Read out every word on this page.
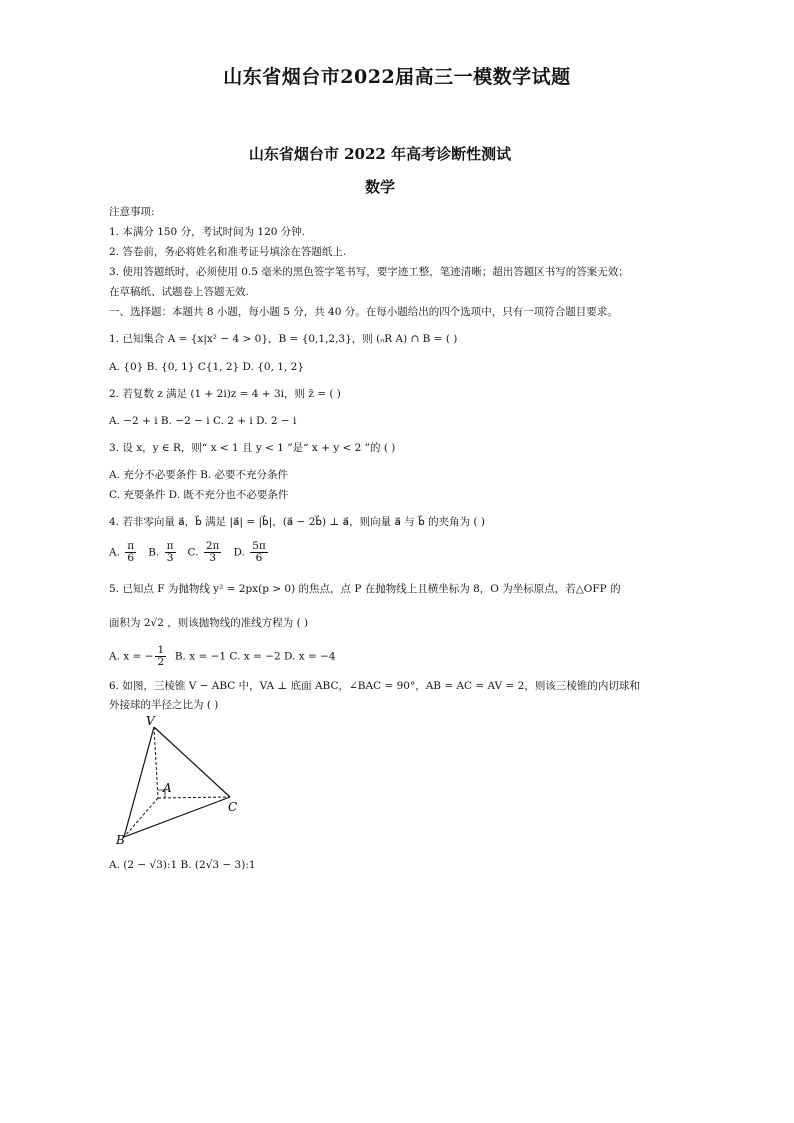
山东省烟台市2022届高三一模数学试题
山东省烟台市 2022 年高考诊断性测试
数学
注意事项:
1. 本满分 150 分，考试时间为 120 分钟.
2. 答卷前，务必将姓名和准考证号填涂在答题纸上.
3. 使用答题纸时，必须使用 0.5 毫米的黑色签字笔书写，要字迹工整，笔迹清晰；超出答题区书写的答案无效；
在草稿纸、试题卷上答题无效.
一、选择题：本题共 8 小题，每小题 5 分，共 40 分。在每小题给出的四个选项中，只有一项符合题目要求。
1. 已知集合 A = {x|x² − 4 > 0}，B = {0,1,2,3}，则 (ₒR A) ∩ B = ( )
A. {0} B. {0, 1} C{1, 2} D. {0, 1, 2}
2. 若复数 z 满足 (1 + 2i)z = 4 + 3i，则 z̄ = ( )
A. −2 + i B. −2 − i C. 2 + i D. 2 − i
3. 设 x，y ∈ R，则“ x < 1 且 y < 1 ”是“ x + y < 2 ”的 ( )
A. 充分不必要条件 B. 必要不充分条件
C. 充要条件 D. 既不充分也不必要条件
4. 若非零向量 a⃗，b⃗ 满足 |a⃗| = |b⃗|，(a⃗ − 2b⃗) ⊥ a⃗，则向量 a⃗ 与 b⃗ 的夹角为 ( )
A. $\frac{\pi}{6} B$. $\frac{\pi}{3} C$. $\frac{2\pi}{3} D$. $\frac{5\pi}{6}$
5. 已知点 F 为抛物线 y² = 2px(p > 0) 的焦点，点 P 在抛物线上且横坐标为 8，O 为坐标原点，若△OFP 的
面积为 2√2 ，则该抛物线的准线方程为 ( )
A. x = − $\frac{1}{2} B$. x = −1 C. x = −2 D. x = −4
6. 如图，三棱锥 V − ABC 中，VA ⊥ 底面 ABC，∠BAC = 90°，AB = AC = AV = 2，则该三棱锥的内切球和
外接球的半径之比为 ( )
V
A
C
B
A. (2 − √3):1 B. (2√3 − 3):1
